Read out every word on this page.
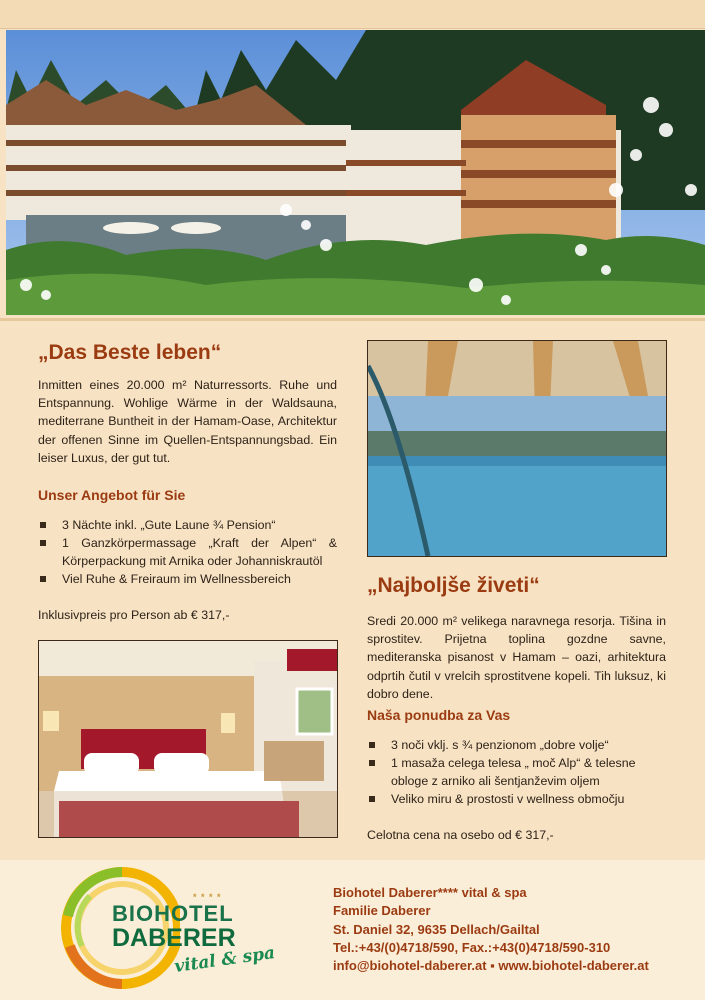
„Das Beste leben“

Inmitten eines 20.000 m² Naturressorts. Ruhe und Entspannung. Wohlige Wärme in der Waldsauna, mediterrane Buntheit in der Hamam-Oase, Architektur der offenen Sinne im Quellen-Entspannungsbad. Ein leiser Luxus, der gut tut.

Unser Angebot für Sie
3 Nächte inkl. „Gute Laune ¾ Pension“
1 Ganzkörpermassage „Kraft der Alpen“ & Körperpackung mit Arnika oder Johanniskrautöl
Viel Ruhe & Freiraum im Wellnessbereich
Inklusivpreis pro Person ab € 317,-
„Najboljše živeti“

Sredi 20.000 m² velikega naravnega resorja. Tišina in sprostitev. Prijetna toplina gozdne savne, mediteranska pisanost v Hamam – oazi, arhitektura odprtih čutil v vrelcih sprostitvene kopeli. Tih luksuz, ki dobro dene.

Naša ponudba za Vas
3 noči vklj. s ¾ penzionom „dobre volje“
1 masaža celega telesa „ moč Alp“ & telesne obloge z arniko ali šentjanževim oljem
Veliko miru & prostosti v wellness območju
Celotna cena na osebo od € 317,-
* * * *
BIOHOTEL
DABERER
vital & spa
Biohotel Daberer**** vital & spa
Familie Daberer
St. Daniel 32, 9635 Dellach/Gailtal
Tel.:+43/(0)4718/590, Fax.:+43(0)4718/590-310
info@biohotel-daberer.at ▪ www.biohotel-daberer.at
